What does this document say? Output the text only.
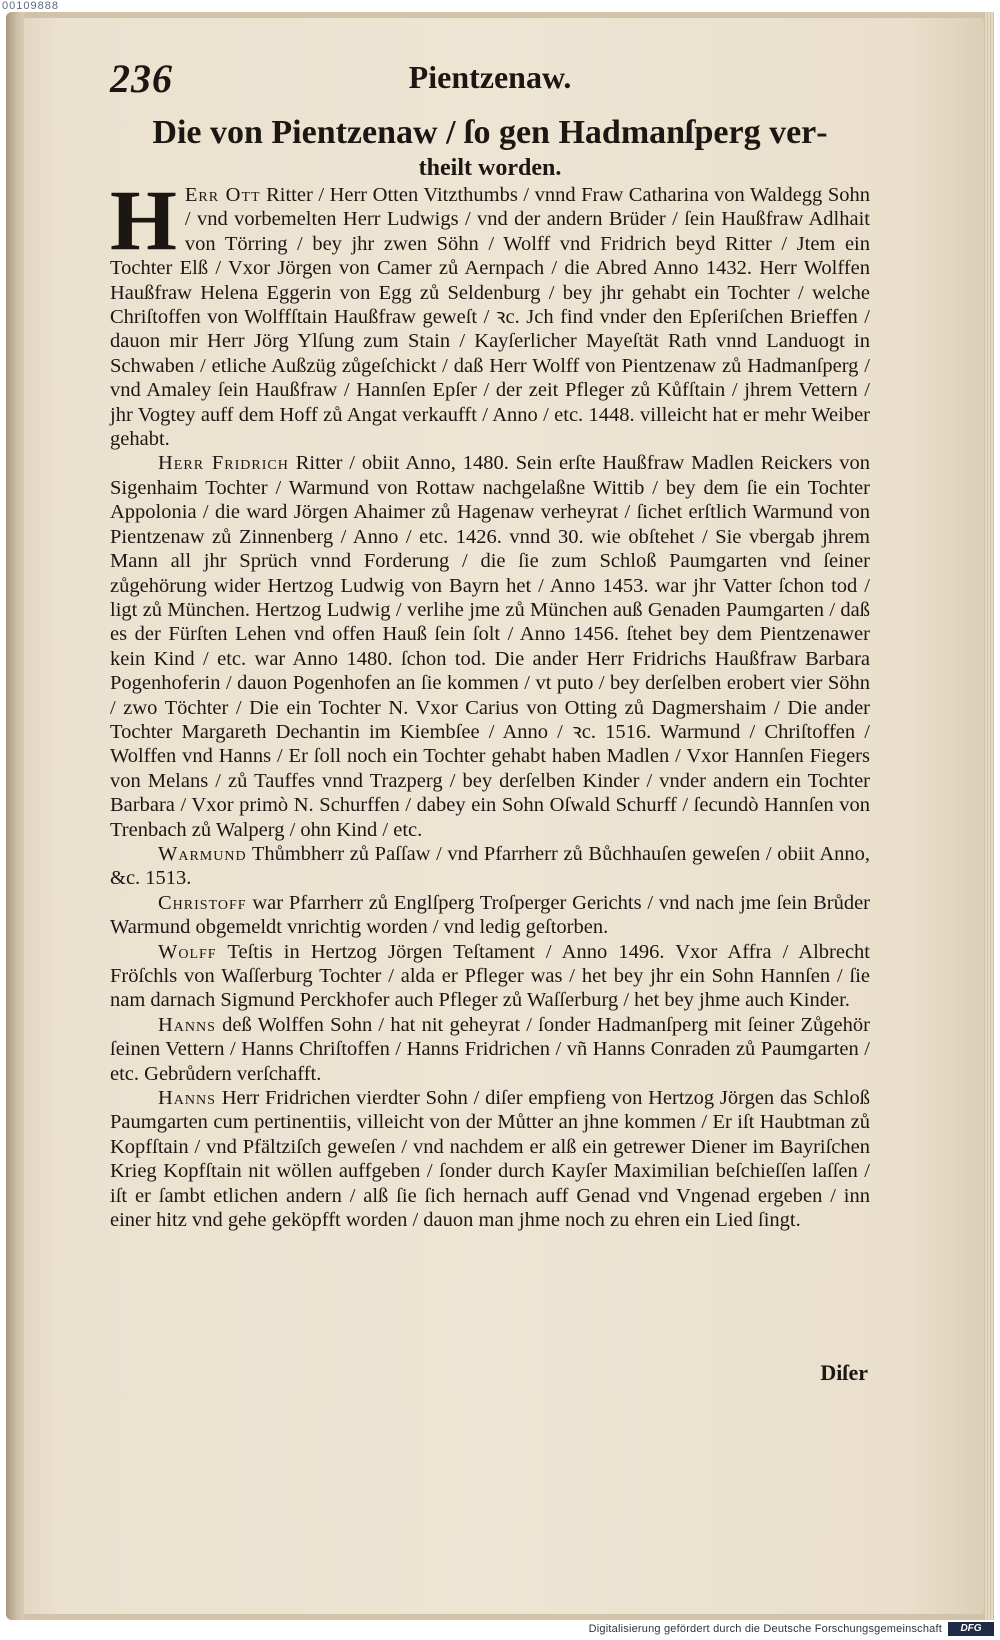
00109888
236	Pientzenaw.
Die von Pientzenaw / ſo gen Hadmanſperg ver‑
theilt worden.

H Err Ott Ritter / Herr Otten Vitzthumbs / vnnd Fraw Catharina von Waldegg Sohn / vnd vorbemelten Herr Ludwigs / vnd der andern Brüder / ſein Haußfraw Adlhait von Törring / bey jhr zwen Söhn / Wolff vnd Fridrich beyd Ritter / Jtem ein Tochter Elß / Vxor Jörgen von Camer zů Aernpach / die Abred Anno 1432. Herr Wolffen Haußfraw Helena Eggerin von Egg zů Seldenburg / bey jhr gehabt ein Tochter / welche Chriſtoffen von Wolffſtain Haußfraw geweſt / ꝛc. Jch find vnder den Epſeriſchen Brieffen / dauon mir Herr Jörg Ylſung zum Stain / Kayſerlicher Mayeſtät Rath vnnd Landuogt in Schwaben / etliche Außzüg zůgeſchickt / daß Herr Wolff von Pientzenaw zů Hadmanſperg / vnd Amaley ſein Haußfraw / Hannſen Epſer / der zeit Pfleger zů Kůfſtain / jhrem Vettern / jhr Vogtey auff dem Hoff zů Angat verkaufft / Anno / etc. 1448. villeicht hat er mehr Weiber gehabt.

Herr Fridrich Ritter / obiit Anno, 1480. Sein erſte Haußfraw Madlen Reickers von Sigenhaim Tochter / Warmund von Rottaw nachgelaßne Wittib / bey dem ſie ein Tochter Appolonia / die ward Jörgen Ahaimer zů Hagenaw verheyrat / ſichet erſtlich Warmund von Pientzenaw zů Zinnenberg / Anno / etc. 1426. vnnd 30. wie obſtehet / Sie vbergab jhrem Mann all jhr Sprüch vnnd Forderung / die ſie zum Schloß Paumgarten vnd ſeiner zůgehörung wider Hertzog Ludwig von Bayrn het / Anno 1453. war jhr Vatter ſchon tod / ligt zů München. Hertzog Ludwig / verlihe jme zů München auß Genaden Paumgarten / daß es der Fürſten Lehen vnd offen Hauß ſein ſolt / Anno 1456. ſtehet bey dem Pientzenawer kein Kind / etc. war Anno 1480. ſchon tod. Die ander Herr Fridrichs Haußfraw Barbara Pogenhoferin / dauon Pogenhofen an ſie kommen / vt puto / bey derſelben erobert vier Söhn / zwo Töchter / Die ein Tochter N. Vxor Carius von Otting zů Dagmershaim / Die ander Tochter Margareth Dechantin im Kiembſee / Anno / ꝛc. 1516. Warmund / Chriſtoffen / Wolffen vnd Hanns / Er ſoll noch ein Tochter gehabt haben Madlen / Vxor Hannſen Fiegers von Melans / zů Tauffes vnnd Trazperg / bey derſelben Kinder / vnder andern ein Tochter Barbara / Vxor primò N. Schurffen / dabey ein Sohn Oſwald Schurff / ſecundò Hannſen von Trenbach zů Walperg / ohn Kind / etc.

Warmund Thůmbherr zů Paſſaw / vnd Pfarrherr zů Bůchhauſen geweſen / obiit Anno, &c. 1513.

Christoff war Pfarrherr zů Englſperg Troſperger Gerichts / vnd nach jme ſein Brůder Warmund obgemeldt vnrichtig worden / vnd ledig geſtorben.

Wolff Teſtis in Hertzog Jörgen Teſtament / Anno 1496. Vxor Affra / Albrecht Fröſchls von Waſſerburg Tochter / alda er Pfleger was / het bey jhr ein Sohn Hannſen / ſie nam darnach Sigmund Perckhofer auch Pfleger zů Waſſerburg / het bey jhme auch Kinder.

Hanns deß Wolffen Sohn / hat nit geheyrat / ſonder Hadmanſperg mit ſeiner Zůgehör ſeinen Vettern / Hanns Chriſtoffen / Hanns Fridrichen / vñ Hanns Conraden zů Paumgarten / etc. Gebrůdern verſchafft.

Hanns Herr Fridrichen vierdter Sohn / diſer empfieng von Hertzog Jörgen das Schloß Paumgarten cum pertinentiis, villeicht von der Můtter an jhne kommen / Er iſt Haubtman zů Kopfſtain / vnd Pfältziſch geweſen / vnd nachdem er alß ein getrewer Diener im Bayriſchen Krieg Kopfſtain nit wöllen auffgeben / ſonder durch Kayſer Maximilian beſchieſſen laſſen / iſt er ſambt etlichen andern / alß ſie ſich hernach auff Genad vnd Vngenad ergeben / inn einer hitz vnd gehe geköpfft worden / dauon man jhme noch zu ehren ein Lied ſingt.

Diſer
Digitalisierung gefördert durch die Deutsche Forschungsgemeinschaft	DFG
